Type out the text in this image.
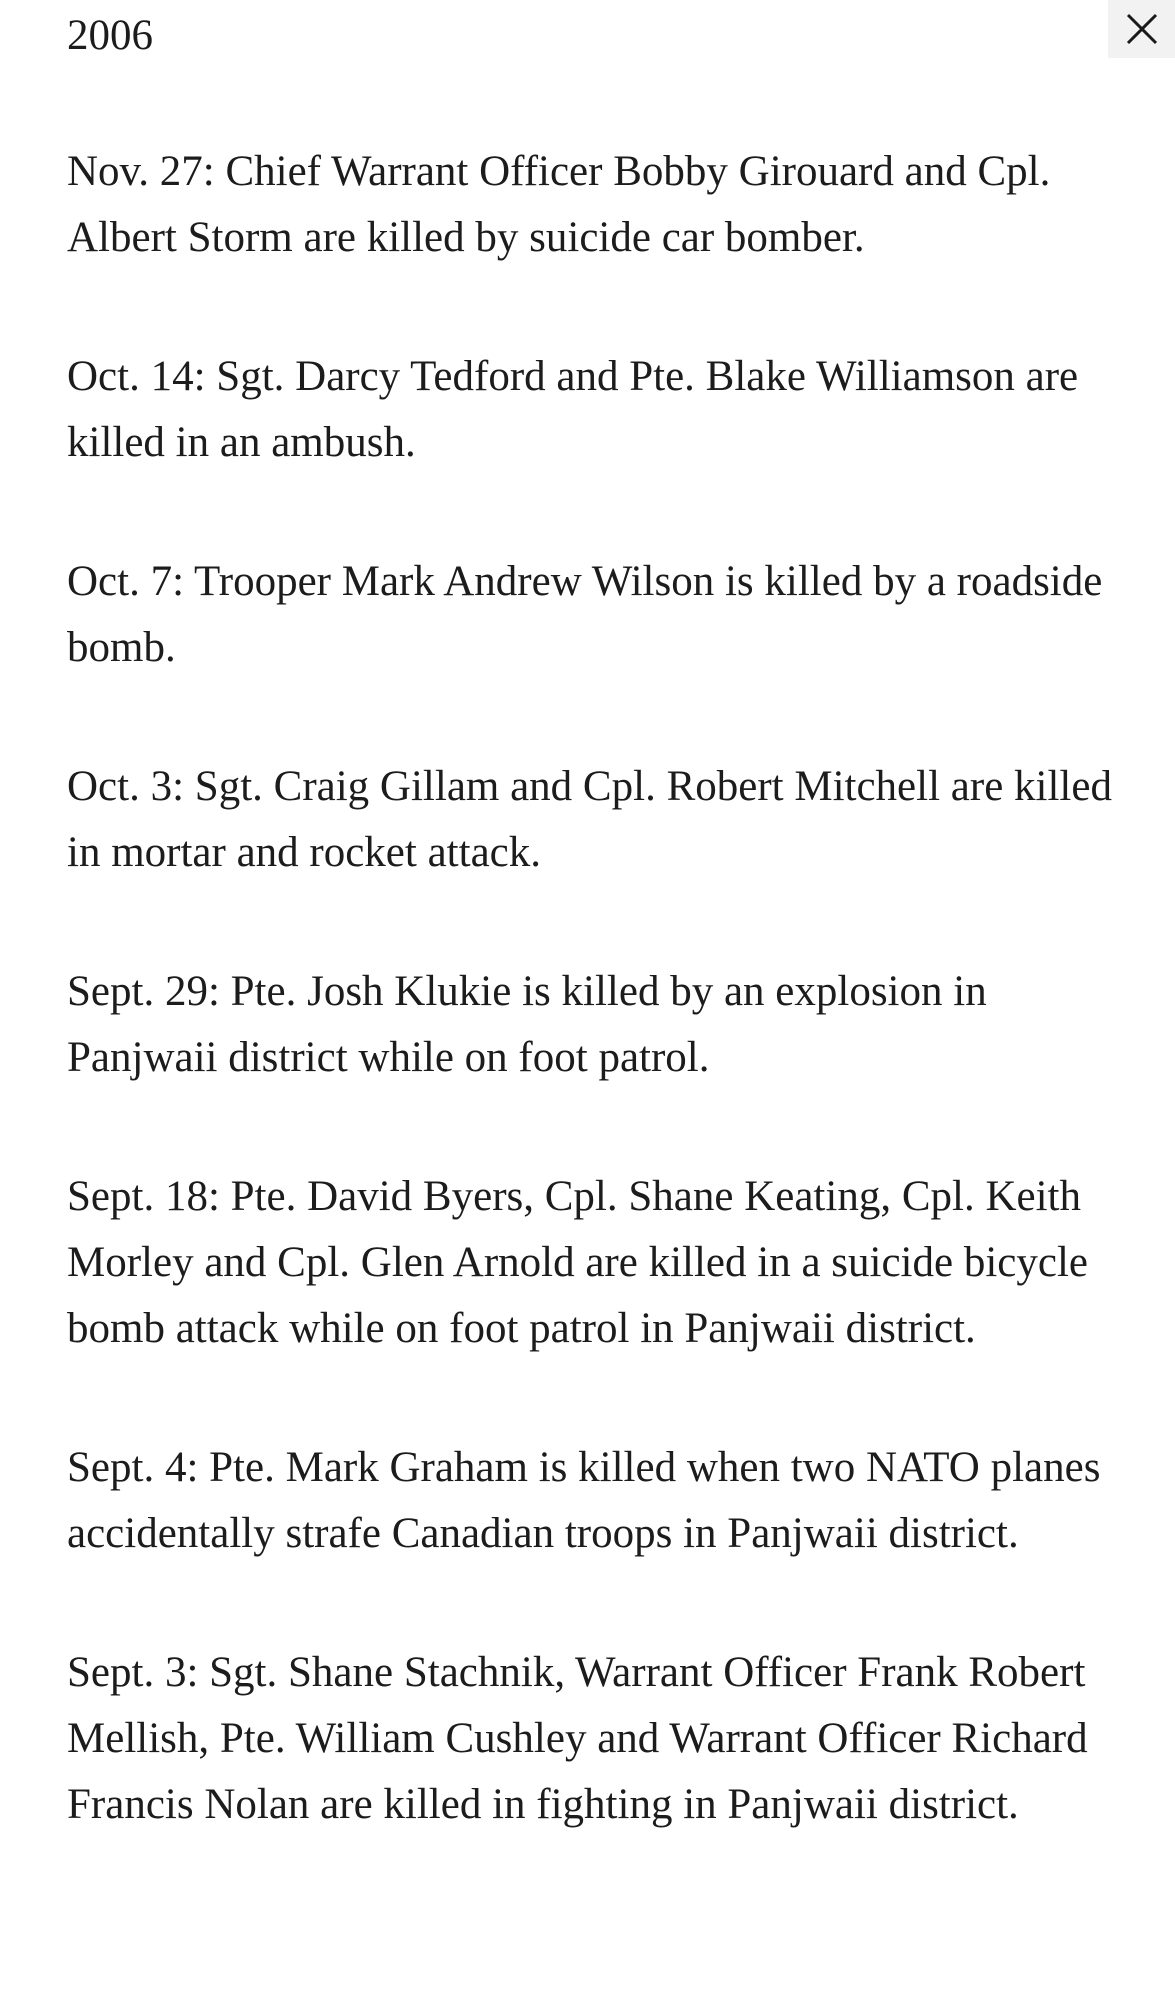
2006

Nov. 27: Chief Warrant Officer Bobby Girouard and Cpl. Albert Storm are killed by suicide car bomber.

Oct. 14: Sgt. Darcy Tedford and Pte. Blake Williamson are killed in an ambush.

Oct. 7: Trooper Mark Andrew Wilson is killed by a roadside bomb.

Oct. 3: Sgt. Craig Gillam and Cpl. Robert Mitchell are killed in mortar and rocket attack.

Sept. 29: Pte. Josh Klukie is killed by an explosion in Panjwaii district while on foot patrol.

Sept. 18: Pte. David Byers, Cpl. Shane Keating, Cpl. Keith Morley and Cpl. Glen Arnold are killed in a suicide bicycle bomb attack while on foot patrol in Panjwaii district.

Sept. 4: Pte. Mark Graham is killed when two NATO planes accidentally strafe Canadian troops in Panjwaii district.

Sept. 3: Sgt. Shane Stachnik, Warrant Officer Frank Robert Mellish, Pte. William Cushley and Warrant Officer Richard Francis Nolan are killed in fighting in Panjwaii district.
